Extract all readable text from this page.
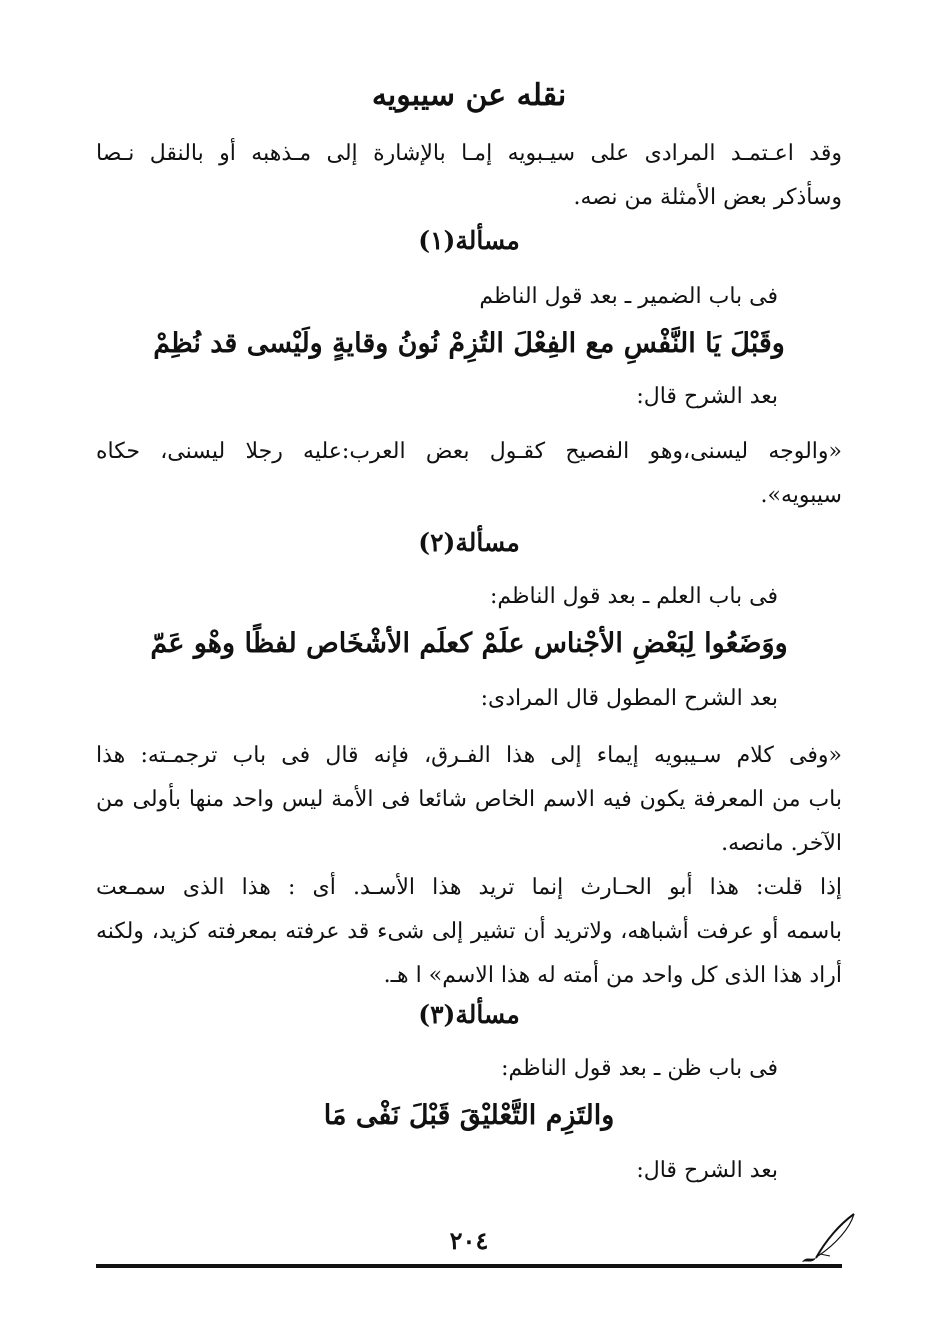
نقله عن سيبويه
وقد اعـتمـد المرادى على سيـبويه إمـا بالإشارة إلى مـذهبه أو بالنقل نـصا
وسأذكر بعض الأمثلة من نصه.
مسألة(١)
فى باب الضمير ـ بعد قول الناظم
وقَبْلَ يَا النَّفْسِ مع الفِعْلَ التُزِمْ نُونُ وقايةٍ ولَيْسى قد نُظِمْ
بعد الشرح قال:
«والوجه ليسنى،وهو الفصيح كقـول بعض العرب:عليه رجلا ليسنى، حكاه
سيبويه».
مسألة(٢)
فى باب العلم ـ بعد قول الناظم:
ووَضَعُوا لِبَعْضِ الأجْناس علَمْ كعلَم الأشْخَاص لفظًا وهْو عَمّ
بعد الشرح المطول قال المرادى:
«وفى كلام سـيبويه إيماء إلى هذا الفـرق، فإنه قال فى باب ترجمـته: هذا
باب من المعرفة يكون فيه الاسم الخاص شائعا فى الأمة ليس واحد منها بأولى من
الآخر. مانصه.
إذا قلت: هذا أبو الحـارث إنما تريد هذا الأسـد. أى : هذا الذى سمـعت
باسمه أو عرفت أشباهه، ولاتريد أن تشير إلى شىء قد عرفته بمعرفته كزيد، ولكنه
أراد هذا الذى كل واحد من أمته له هذا الاسم» ا هـ.
مسألة(٣)
فى باب ظن ـ بعد قول الناظم:
والتَزِم التَّعْليْقَ قَبْلَ نَفْى مَا
بعد الشرح قال:
٢٠٤
